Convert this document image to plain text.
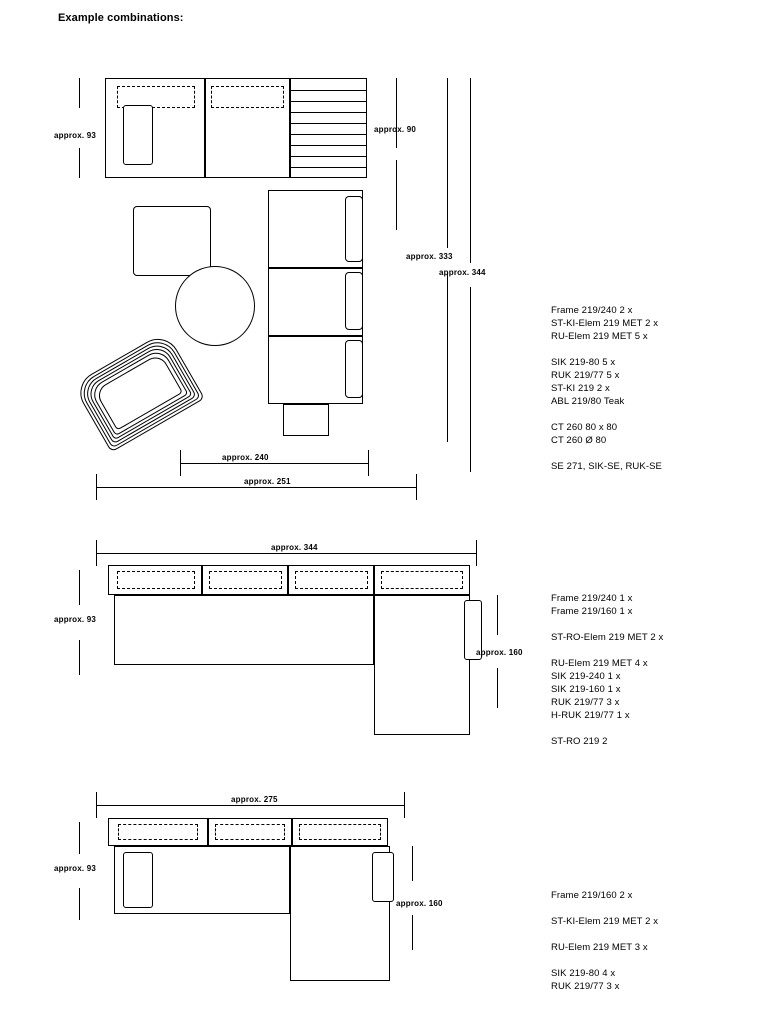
Example combinations:
approx. 93
approx. 90
approx. 333
approx. 344
approx. 240
approx. 251
Frame 219/240 2 x
ST-KI-Elem 219 MET 2 x
RU-Elem 219 MET 5 x
SIK 219-80 5 x
RUK 219/77 5 x
ST-KI 219 2 x
ABL 219/80 Teak
CT 260 80 x 80
CT 260 Ø 80
SE 271, SIK-SE, RUK-SE
approx. 344
approx. 93
approx. 160
Frame 219/240 1 x
Frame 219/160 1 x
ST-RO-Elem 219 MET 2 x
RU-Elem 219 MET 4 x
SIK 219-240 1 x
SIK 219-160 1 x
RUK 219/77 3 x
H-RUK 219/77 1 x
ST-RO 219 2
approx. 275
approx. 93
approx. 160
Frame 219/160 2 x
ST-KI-Elem 219 MET 2 x
RU-Elem 219 MET 3 x
SIK 219-80 4 x
RUK 219/77 3 x
